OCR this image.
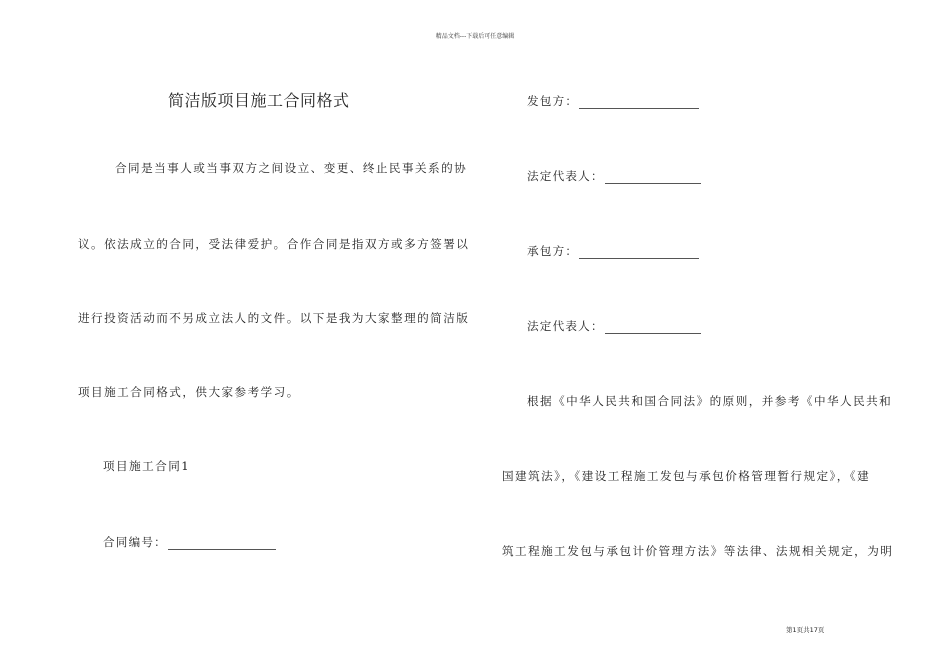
精品文档---下载后可任意编辑
简洁版项目施工合同格式
合同是当事人或当事双方之间设立、变更、终止民事关系的协
议。依法成立的合同，受法律爱护。合作合同是指双方或多方签署以
进行投资活动而不另成立法人的文件。以下是我为大家整理的简洁版
项目施工合同格式，供大家参考学习。
项目施工合同1
合同编号：
发包方：
法定代表人：
承包方：
法定代表人：
根据《中华人民共和国合同法》的原则，并参考《中华人民共和
国建筑法》，《建设工程施工发包与承包价格管理暂行规定》，《建
筑工程施工发包与承包计价管理方法》等法律、法规相关规定，为明
第1页共17页
